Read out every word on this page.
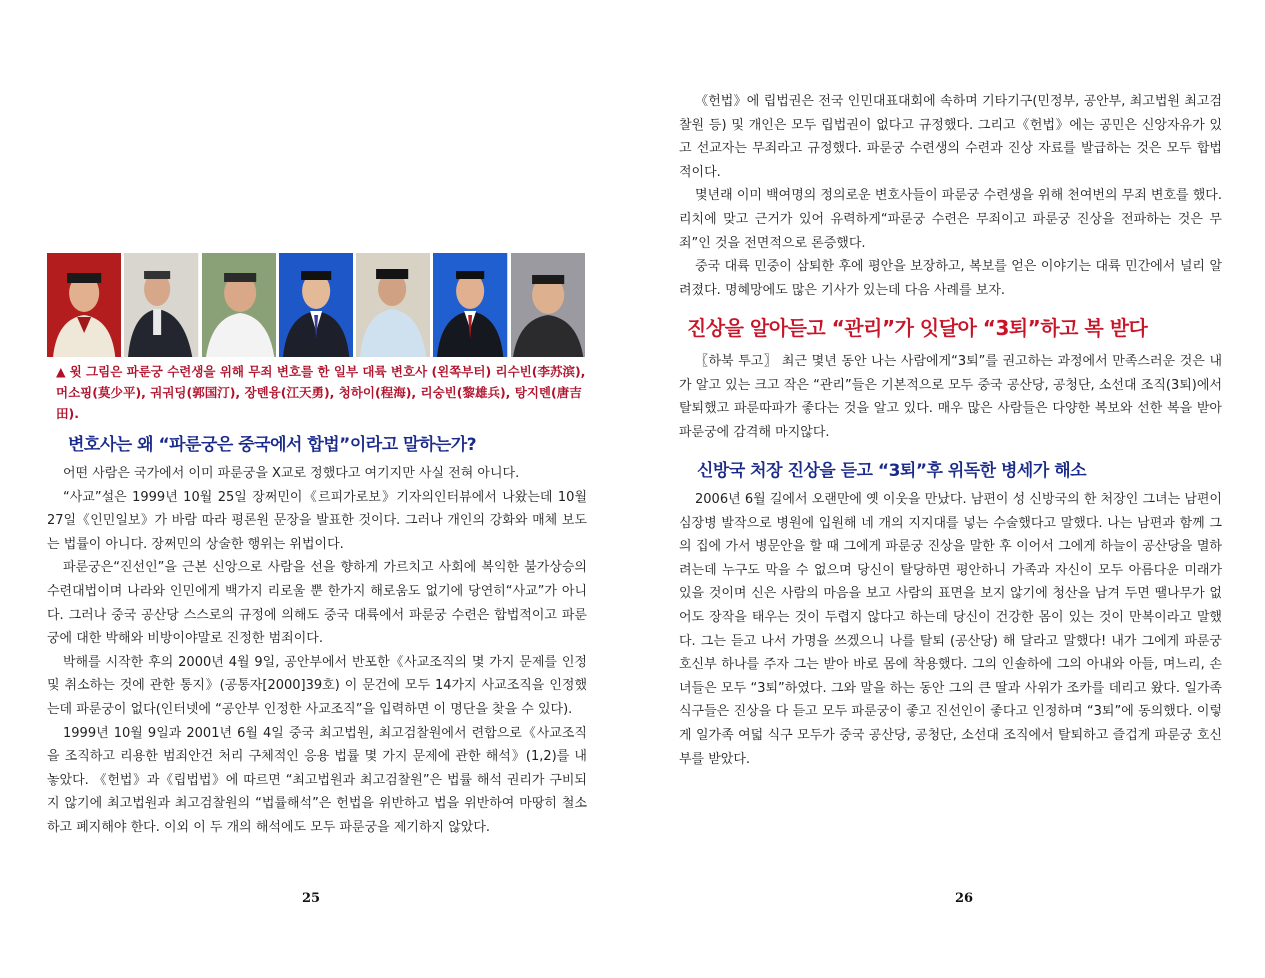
▲ 윗 그림은 파룬궁 수련생을 위해 무죄 변호를 한 일부 대륙 변호사 (왼쪽부터) 리수빈(李苏滨), 머소핑(莫少平), 궈궈딩(郭国汀), 장톈융(江天勇), 청하이(程海), 리숭빈(黎雄兵), 탕지톈(唐吉田).
변호사는 왜 “파룬궁은 중국에서 합법”이라고 말하는가?

어떤 사람은 국가에서 이미 파룬궁을 X교로 정했다고 여기지만 사실 전혀 아니다.

“사교”설은 1999년 10월 25일 장쩌민이《르피가로보》기자의인터뷰에서 나왔는데 10월 27일《인민일보》가 바람 따라 평론원 문장을 발표한 것이다. 그러나 개인의 강화와 매체 보도는 법률이 아니다. 장쩌민의 상술한 행위는 위법이다.

파룬궁은“진선인”을 근본 신앙으로 사람을 선을 향하게 가르치고 사회에 복익한 불가상승의 수련대법이며 나라와 인민에게 백가지 리로울 뿐 한가지 해로움도 없기에 당연히“사교”가 아니다. 그러나 중국 공산당 스스로의 규정에 의해도 중국 대륙에서 파룬궁 수련은 합법적이고 파룬궁에 대한 박해와 비방이야말로 진정한 범죄이다.

박해를 시작한 후의 2000년 4월 9일, 공안부에서 반포한《사교조직의 몇 가지 문제를 인정 및 취소하는 것에 관한 통지》(공통자[2000]39호) 이 문건에 모두 14가지 사교조직을 인정했는데 파룬궁이 없다(인터넷에 “공안부 인정한 사교조직”을 입력하면 이 명단을 찾을 수 있다).

1999년 10월 9일과 2001년 6월 4일 중국 최고법원, 최고검찰원에서 련합으로《사교조직을 조직하고 리용한 범죄안건 처리 구체적인 응용 법률 몇 가지 문제에 관한 해석》(1,2)를 내 놓았다. 《헌법》과《립법법》에 따르면 “최고법원과 최고검찰원”은 법률 해석 권리가 구비되지 않기에 최고법원과 최고검찰원의 “법률해석”은 헌법을 위반하고 법을 위반하여 마땅히 철소하고 폐지해야 한다. 이외 이 두 개의 해석에도 모두 파룬궁을 제기하지 않았다.

25

《헌법》에 립법권은 전국 인민대표대회에 속하며 기타기구(민정부, 공안부, 최고법원 최고검찰원 등) 및 개인은 모두 립법권이 없다고 규정했다. 그리고《헌법》에는 공민은 신앙자유가 있고 선교자는 무죄라고 규정했다. 파룬궁 수련생의 수련과 진상 자료를 발급하는 것은 모두 합법적이다.

몇년래 이미 백여명의 정의로운 변호사들이 파룬궁 수련생을 위해 천여번의 무죄 변호를 했다. 리치에 맞고 근거가 있어 유력하게“파룬궁 수련은 무죄이고 파룬궁 진상을 전파하는 것은 무죄”인 것을 전면적으로 론증했다.

중국 대륙 민중이 삼퇴한 후에 평안을 보장하고, 복보를 얻은 이야기는 대륙 민간에서 널리 알려졌다. 명혜망에도 많은 기사가 있는데 다음 사례를 보자.

진상을 알아듣고 “관리”가 잇달아 “3퇴”하고 복 받다

〖하북 투고〗 최근 몇년 동안 나는 사람에게“3퇴”를 권고하는 과정에서 만족스러운 것은 내가 알고 있는 크고 작은 “관리”들은 기본적으로 모두 중국 공산당, 공청단, 소선대 조직(3퇴)에서 탈퇴했고 파룬따파가 좋다는 것을 알고 있다. 매우 많은 사람들은 다양한 복보와 선한 복을 받아 파룬궁에 감격해 마지않다.

신방국 처장 진상을 듣고 “3퇴”후 위독한 병세가 해소

2006년 6월 길에서 오랜만에 옛 이웃을 만났다. 남편이 성 신방국의 한 처장인 그녀는 남편이 심장병 발작으로 병원에 입원해 네 개의 지지대를 넣는 수술했다고 말했다. 나는 남편과 함께 그의 집에 가서 병문안을 할 때 그에게 파룬궁 진상을 말한 후 이어서 그에게 하늘이 공산당을 멸하려는데 누구도 막을 수 없으며 당신이 탈당하면 평안하니 가족과 자신이 모두 아름다운 미래가 있을 것이며 신은 사람의 마음을 보고 사람의 표면을 보지 않기에 청산을 남겨 두면 땔나무가 없어도 장작을 태우는 것이 두렵지 않다고 하는데 당신이 건강한 몸이 있는 것이 만복이라고 말했다. 그는 듣고 나서 가명을 쓰겠으니 나를 탈퇴 (공산당) 해 달라고 말했다! 내가 그에게 파룬궁 호신부 하나를 주자 그는 받아 바로 몸에 착용했다. 그의 인솔하에 그의 아내와 아들, 며느리, 손녀들은 모두 “3퇴”하였다. 그와 말을 하는 동안 그의 큰 딸과 사위가 조카를 데리고 왔다. 일가족 식구들은 진상을 다 듣고 모두 파룬궁이 좋고 진선인이 좋다고 인정하며 “3퇴”에 동의했다. 이렇게 일가족 여덟 식구 모두가 중국 공산당, 공청단, 소선대 조직에서 탈퇴하고 즐겁게 파룬궁 호신부를 받았다.

26
